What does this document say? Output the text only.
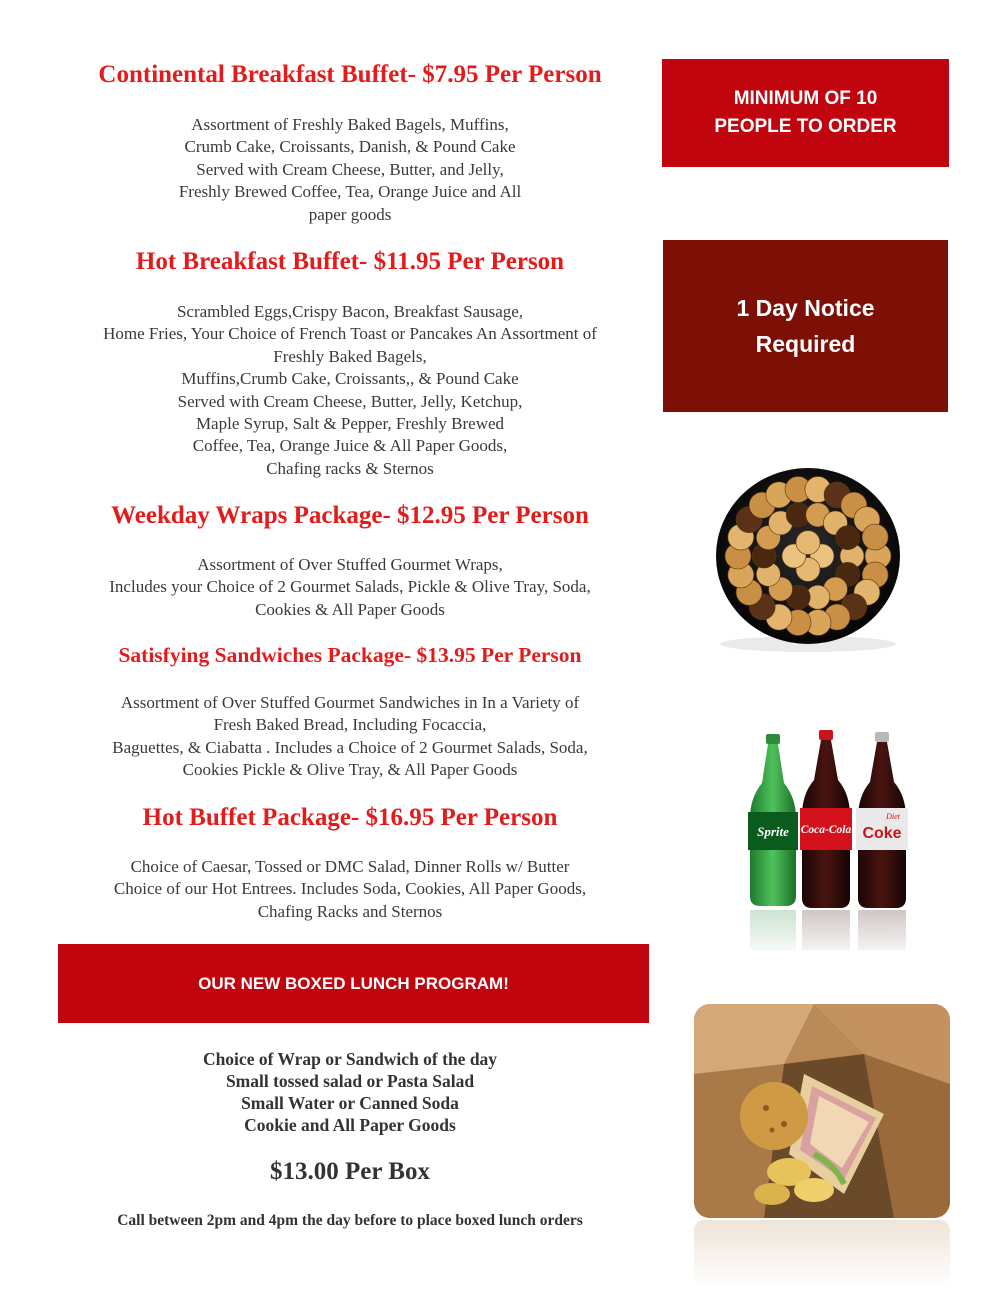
Continental Breakfast Buffet- $7.95 Per Person
Assortment of Freshly Baked Bagels, Muffins,
Crumb Cake, Croissants, Danish, & Pound Cake
Served with Cream Cheese, Butter, and Jelly,
Freshly Brewed Coffee, Tea, Orange Juice and All
paper goods
Hot Breakfast Buffet- $11.95 Per Person
Scrambled Eggs,Crispy Bacon, Breakfast Sausage,
Home Fries, Your Choice of French Toast or Pancakes An Assortment of
Freshly Baked Bagels,
Muffins,Crumb Cake, Croissants,, & Pound Cake
Served with Cream Cheese, Butter, Jelly, Ketchup,
Maple Syrup, Salt & Pepper, Freshly Brewed
Coffee, Tea, Orange Juice & All Paper Goods,
Chafing racks & Sternos
Weekday Wraps Package- $12.95 Per Person
Assortment of Over Stuffed Gourmet Wraps,
Includes your Choice of 2 Gourmet Salads, Pickle & Olive Tray, Soda,
Cookies & All Paper Goods
Satisfying Sandwiches Package- $13.95 Per Person
Assortment of Over Stuffed Gourmet Sandwiches in In a Variety of
Fresh Baked Bread, Including Focaccia,
Baguettes, & Ciabatta . Includes a Choice of 2 Gourmet Salads, Soda,
Cookies Pickle & Olive Tray, & All Paper Goods
Hot Buffet Package- $16.95 Per Person
Choice of Caesar, Tossed or DMC Salad, Dinner Rolls w/ Butter
Choice of our Hot Entrees. Includes Soda, Cookies, All Paper Goods,
Chafing Racks and Sternos
OUR NEW BOXED LUNCH PROGRAM!
Choice of Wrap or Sandwich of the day
Small tossed salad or Pasta Salad
Small Water or Canned Soda
Cookie and All Paper Goods
$13.00 Per Box
Call between 2pm and 4pm the day before to place boxed lunch orders
MINIMUM OF 10
PEOPLE TO ORDER
1 Day Notice
Required
Sprite Coca-Cola
Diet
Coke
